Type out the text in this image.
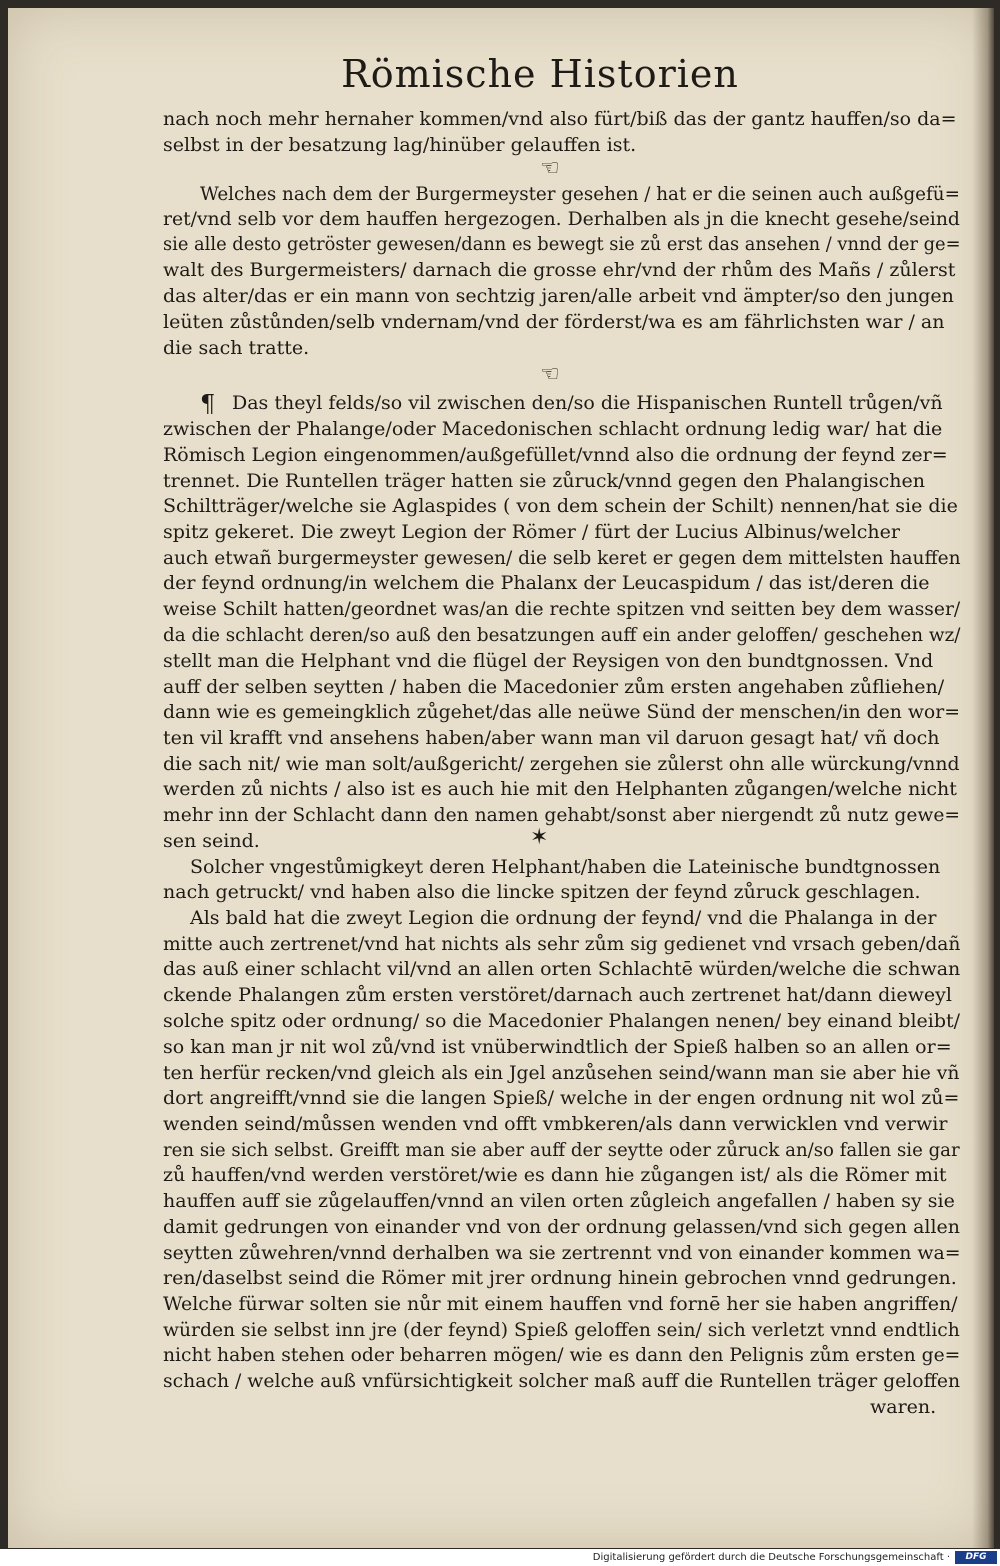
Römische Historien
nach noch mehr hernaher kommen/vnd also fürt/biß das der gantz hauffen/so da=
selbst in der besatzung lag/hinüber gelauffen ist.
☜
Welches nach dem der Burgermeyster gesehen / hat er die seinen auch außgefü=
ret/vnd selb vor dem hauffen hergezogen. Derhalben als jn die knecht gesehe/seind
sie alle desto getröster gewesen/dann es bewegt sie zů erst das ansehen / vnnd der ge=
walt des Burgermeisters/ darnach die grosse ehr/vnd der rhům des Mañs / zůlerst
das alter/das er ein mann von sechtzig jaren/alle arbeit vnd ämpter/so den jungen
leüten zůstůnden/selb vndernam/vnd der förderst/wa es am fährlichsten war / an
die sach tratte.
☜
¶ Das theyl felds/so vil zwischen den/so die Hispanischen Runtell trůgen/vñ
zwischen der Phalange/oder Macedonischen schlacht ordnung ledig war/ hat die
Römisch Legion eingenommen/außgefüllet/vnnd also die ordnung der feynd zer=
trennet. Die Runtellen träger hatten sie zůruck/vnnd gegen den Phalangischen
Schiltträger/welche sie Aglaspides ( von dem schein der Schilt) nennen/hat sie die
spitz gekeret. Die zweyt Legion der Römer / fürt der Lucius Albinus/welcher
auch etwañ burgermeyster gewesen/ die selb keret er gegen dem mittelsten hauffen
der feynd ordnung/in welchem die Phalanx der Leucaspidum / das ist/deren die
weise Schilt hatten/geordnet was/an die rechte spitzen vnd seitten bey dem wasser/
da die schlacht deren/so auß den besatzungen auff ein ander geloffen/ geschehen wz/
stellt man die Helphant vnd die flügel der Reysigen von den bundtgnossen. Vnd
auff der selben seytten / haben die Macedonier zům ersten angehaben zůfliehen/
dann wie es gemeingklich zůgehet/das alle neüwe Sünd der menschen/in den wor=
ten vil krafft vnd ansehens haben/aber wann man vil daruon gesagt hat/ vñ doch
die sach nit/ wie man solt/außgericht/ zergehen sie zůlerst ohn alle würckung/vnnd
werden zů nichts / also ist es auch hie mit den Helphanten zůgangen/welche nicht
mehr inn der Schlacht dann den namen gehabt/sonst aber niergendt zů nutz gewe=
sen seind.	✶
Solcher vngestůmigkeyt deren Helphant/haben die Lateinische bundtgnossen
nach getruckt/ vnd haben also die lincke spitzen der feynd zůruck geschlagen.
Als bald hat die zweyt Legion die ordnung der feynd/ vnd die Phalanga in der
mitte auch zertrenet/vnd hat nichts als sehr zům sig gedienet vnd vrsach geben/dañ
das auß einer schlacht vil/vnd an allen orten Schlachtē würden/welche die schwan
ckende Phalangen zům ersten verstöret/darnach auch zertrenet hat/dann dieweyl
solche spitz oder ordnung/ so die Macedonier Phalangen nenen/ bey einand bleibt/
so kan man jr nit wol zů/vnd ist vnüberwindtlich der Spieß halben so an allen or=
ten herfür recken/vnd gleich als ein Jgel anzůsehen seind/wann man sie aber hie vñ
dort angreifft/vnnd sie die langen Spieß/ welche in der engen ordnung nit wol zů=
wenden seind/můssen wenden vnd offt vmbkeren/als dann verwicklen vnd verwir
ren sie sich selbst. Greifft man sie aber auff der seytte oder zůruck an/so fallen sie gar
zů hauffen/vnd werden verstöret/wie es dann hie zůgangen ist/ als die Römer mit
hauffen auff sie zůgelauffen/vnnd an vilen orten zůgleich angefallen / haben sy sie
damit gedrungen von einander vnd von der ordnung gelassen/vnd sich gegen allen
seytten zůwehren/vnnd derhalben wa sie zertrennt vnd von einander kommen wa=
ren/daselbst seind die Römer mit jrer ordnung hinein gebrochen vnnd gedrungen.
Welche fürwar solten sie nůr mit einem hauffen vnd fornē her sie haben angriffen/
würden sie selbst inn jre (der feynd) Spieß geloffen sein/ sich verletzt vnnd endtlich
nicht haben stehen oder beharren mögen/ wie es dann den Pelignis zům ersten ge=
schach / welche auß vnfürsichtigkeit solcher maß auff die Runtellen träger geloffen
waren.
Digitalisierung gefördert durch die Deutsche Forschungsgemeinschaft ·	DFG
